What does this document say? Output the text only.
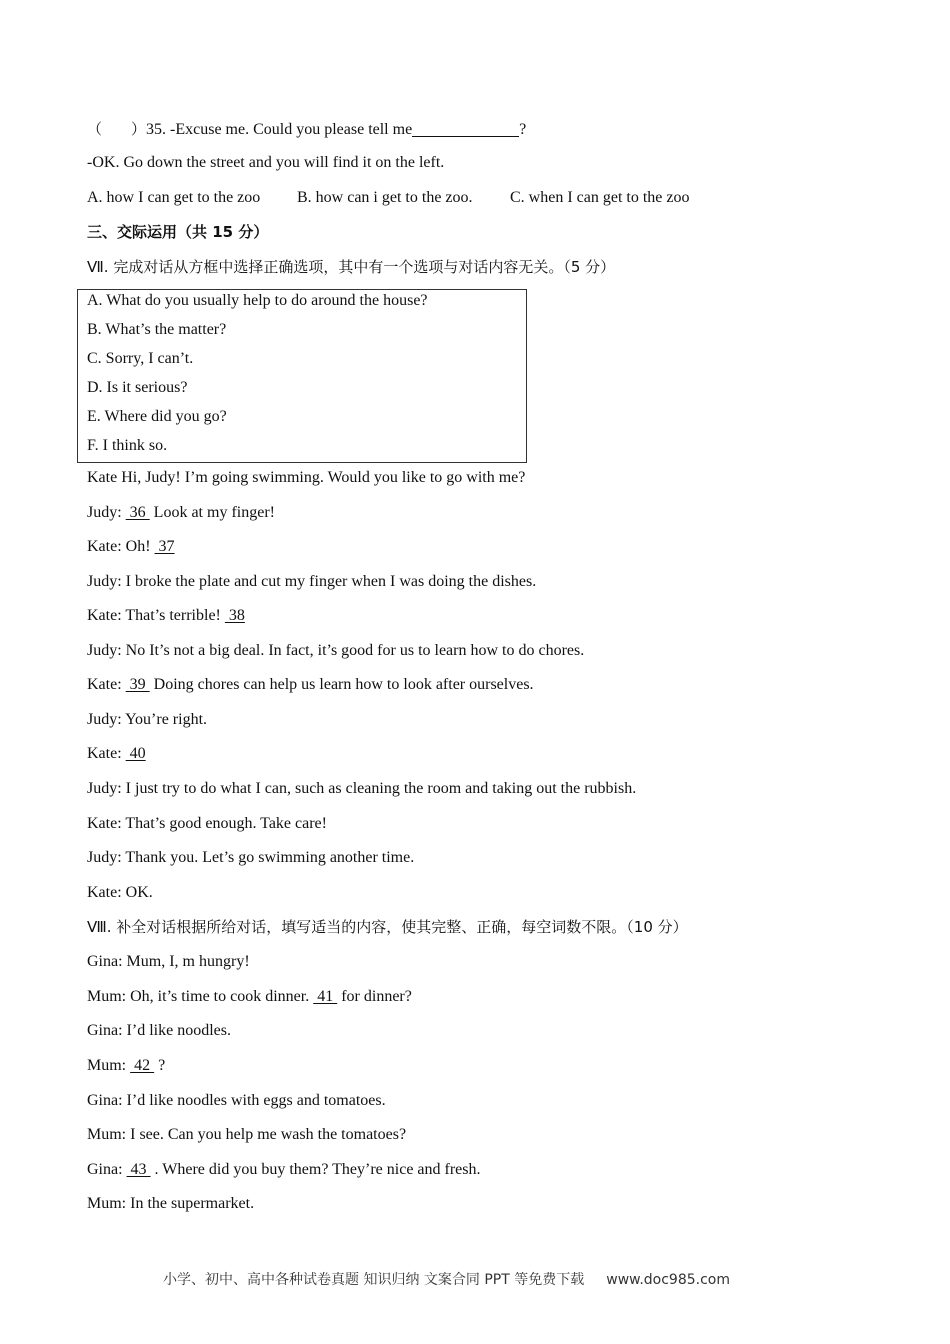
（ ）35. -Excuse me. Could you please tell me	?
-OK. Go down the street and you will find it on the left.
A. how I can get to the zoo B. how can i get to the zoo. C. when I can get to the zoo
三、交际运用（共 15 分）
Ⅶ. 完成对话从方框中选择正确选项，其中有一个选项与对话内容无关。（5 分）
A. What do you usually help to do around the house?
B. What’s the matter?
C. Sorry, I can’t.
D. Is it serious?
E. Where did you go?
F. I think so.
Kate Hi, Judy! I’m going swimming. Would you like to go with me?
Judy:  36  Look at my finger!
Kate: Oh!  37
Judy: I broke the plate and cut my finger when I was doing the dishes.
Kate: That’s terrible!  38
Judy: No It’s not a big deal. In fact, it’s good for us to learn how to do chores.
Kate:  39  Doing chores can help us learn how to look after ourselves.
Judy: You’re right.
Kate:  40
Judy: I just try to do what I can, such as cleaning the room and taking out the rubbish.
Kate: That’s good enough. Take care!
Judy: Thank you. Let’s go swimming another time.
Kate: OK.
Ⅷ. 补全对话根据所给对话，填写适当的内容，使其完整、正确，每空词数不限。（10 分）
Gina: Mum, I, m hungry!
Mum: Oh, it’s time to cook dinner.  41  for dinner?
Gina: I’d like noodles.
Mum:  42  ?
Gina: I’d like noodles with eggs and tomatoes.
Mum: I see. Can you help me wash the tomatoes?
Gina:  43  . Where did you buy them? They’re nice and fresh.
Mum: In the supermarket.
小学、初中、高中各种试卷真题 知识归纳 文案合同 PPT 等免费下载 www.doc985.com
